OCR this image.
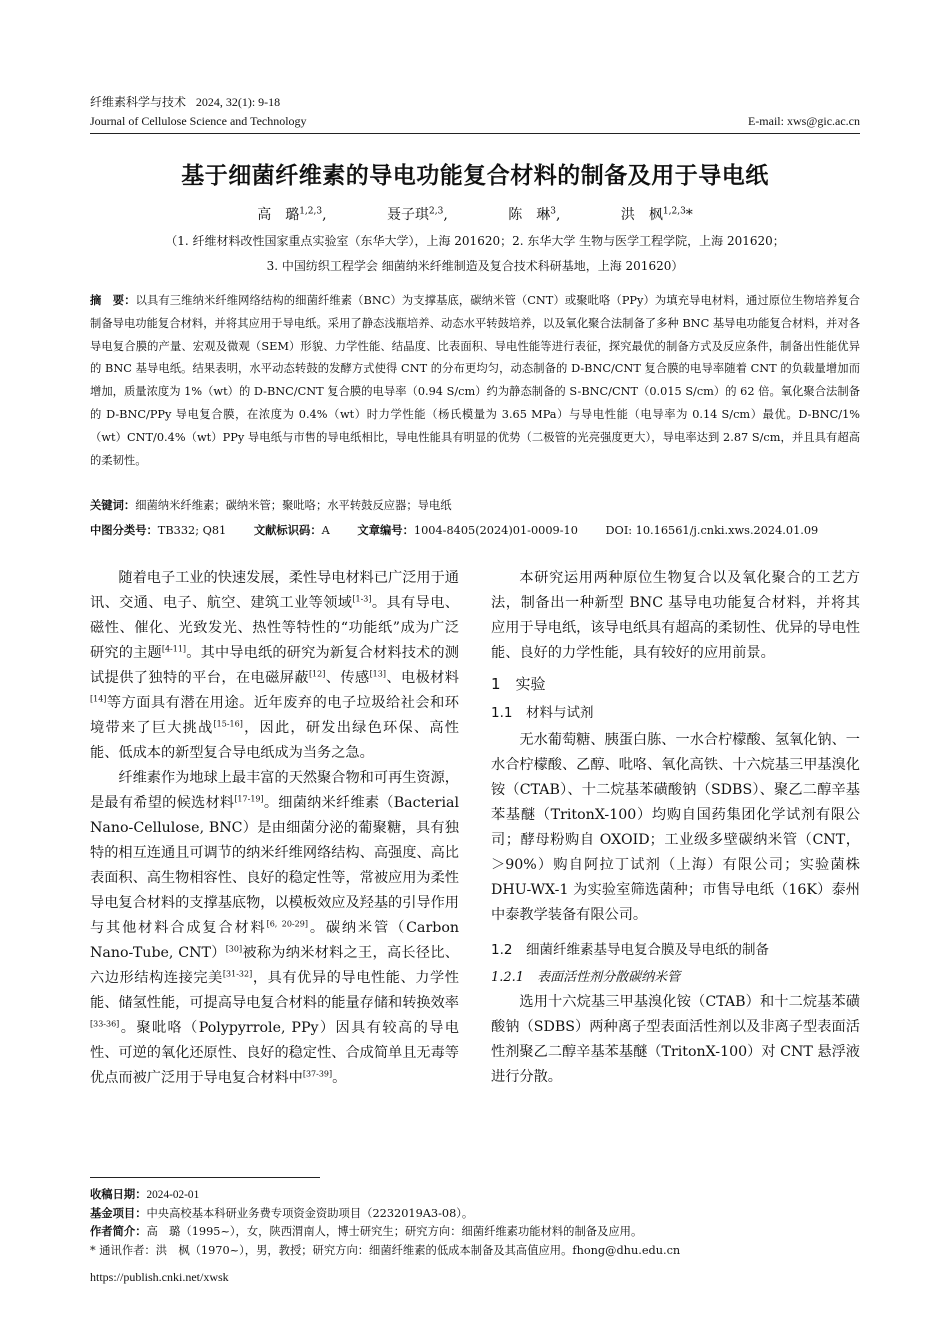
纤维素科学与技术 2024, 32(1): 9-18
Journal of Cellulose Science and Technology	E-mail: xws@gic.ac.cn
基于细菌纤维素的导电功能复合材料的制备及用于导电纸
高　璐$^{1,2,3}$,	聂子琪$^{2,3}$,	陈　琳$^3$,	洪　枫$^{1,2,3}$*
（1. 纤维材料改性国家重点实验室（东华大学），上海 201620；2. 东华大学 生物与医学工程学院，上海 201620；
3. 中国纺织工程学会 细菌纳米纤维制造及复合技术科研基地，上海 201620）
摘　要：以具有三维纳米纤维网络结构的细菌纤维素（BNC）为支撑基底，碳纳米管（CNT）或聚吡咯（PPy）为填充导电材料，通过原位生物培养复合制备导电功能复合材料，并将其应用于导电纸。采用了静态浅瓶培养、动态水平转鼓培养，以及氧化聚合法制备了多种 BNC 基导电功能复合材料，并对各导电复合膜的产量、宏观及微观（SEM）形貌、力学性能、结晶度、比表面积、导电性能等进行表征，探究最优的制备方式及反应条件，制备出性能优异的 BNC 基导电纸。结果表明，水平动态转鼓的发酵方式使得 CNT 的分布更均匀，动态制备的 D-BNC/CNT 复合膜的电导率随着 CNT 的负载量增加而增加，质量浓度为 1%（wt）的 D-BNC/CNT 复合膜的电导率（0.94 S/cm）约为静态制备的 S-BNC/CNT（0.015 S/cm）的 62 倍。氧化聚合法制备的 D-BNC/PPy 导电复合膜，在浓度为 0.4%（wt）时力学性能（杨氏模量为 3.65 MPa）与导电性能（电导率为 0.14 S/cm）最优。D-BNC/1%（wt）CNT/0.4%（wt）PPy 导电纸与市售的导电纸相比，导电性能具有明显的优势（二极管的光亮强度更大），导电率达到 2.87 S/cm，并且具有超高的柔韧性。
关键词：细菌纳米纤维素；碳纳米管；聚吡咯；水平转鼓反应器；导电纸
中图分类号：TB332; Q81 文献标识码：A 文章编号：1004-8405(2024)01-0009-10 DOI: 10.16561/j.cnki.xws.2024.01.09

随着电子工业的快速发展，柔性导电材料已广泛用于通讯、交通、电子、航空、建筑工业等领域[1-3]。具有导电、磁性、催化、光致发光、热性等特性的“功能纸”成为广泛研究的主题[4-11]。其中导电纸的研究为新复合材料技术的测试提供了独特的平台，在电磁屏蔽[12]、传感[13]、电极材料[14]等方面具有潜在用途。近年废弃的电子垃圾给社会和环境带来了巨大挑战[15-16]，因此，研发出绿色环保、高性能、低成本的新型复合导电纸成为当务之急。

纤维素作为地球上最丰富的天然聚合物和可再生资源，是最有希望的候选材料[17-19]。细菌纳米纤维素（Bacterial Nano-Cellulose, BNC）是由细菌分泌的葡聚糖，具有独特的相互连通且可调节的纳米纤维网络结构、高强度、高比表面积、高生物相容性、良好的稳定性等，常被应用为柔性导电复合材料的支撑基底物，以模板效应及羟基的引导作用与其他材料合成复合材料[6, 20-29]。碳纳米管（Carbon Nano-Tube, CNT）[30]被称为纳米材料之王，高长径比、六边形结构连接完美[31-32]，具有优异的导电性能、力学性能、储氢性能，可提高导电复合材料的能量存储和转换效率[33-36]。聚吡咯（Polypyrrole, PPy）因具有较高的导电性、可逆的氧化还原性、良好的稳定性、合成简单且无毒等优点而被广泛用于导电复合材料中[37-39]。

本研究运用两种原位生物复合以及氧化聚合的工艺方法，制备出一种新型 BNC 基导电功能复合材料，并将其应用于导电纸，该导电纸具有超高的柔韧性、优异的导电性能、良好的力学性能，具有较好的应用前景。

1　实验
1.1　材料与试剂

无水葡萄糖、胰蛋白胨、一水合柠檬酸、氢氧化钠、一水合柠檬酸、乙醇、吡咯、氧化高铁、十六烷基三甲基溴化铵（CTAB）、十二烷基苯磺酸钠（SDBS）、聚乙二醇辛基苯基醚（TritonX-100）均购自国药集团化学试剂有限公司；酵母粉购自 OXOID；工业级多壁碳纳米管（CNT，＞90%）购自阿拉丁试剂（上海）有限公司；实验菌株 DHU-WX-1 为实验室筛选菌种；市售导电纸（16K）泰州中泰教学装备有限公司。

1.2　细菌纤维素基导电复合膜及导电纸的制备
1.2.1　表面活性剂分散碳纳米管

选用十六烷基三甲基溴化铵（CTAB）和十二烷基苯磺酸钠（SDBS）两种离子型表面活性剂以及非离子型表面活性剂聚乙二醇辛基苯基醚（TritonX-100）对 CNT 悬浮液进行分散。

收稿日期：2024-02-01
基金项目：中央高校基本科研业务费专项资金资助项目（2232019A3-08）。
作者简介：高　璐（1995~），女，陕西渭南人，博士研究生；研究方向：细菌纤维素功能材料的制备及应用。
* 通讯作者：洪　枫（1970~），男，教授；研究方向：细菌纤维素的低成本制备及其高值应用。fhong@dhu.edu.cn
https://publish.cnki.net/xwsk
